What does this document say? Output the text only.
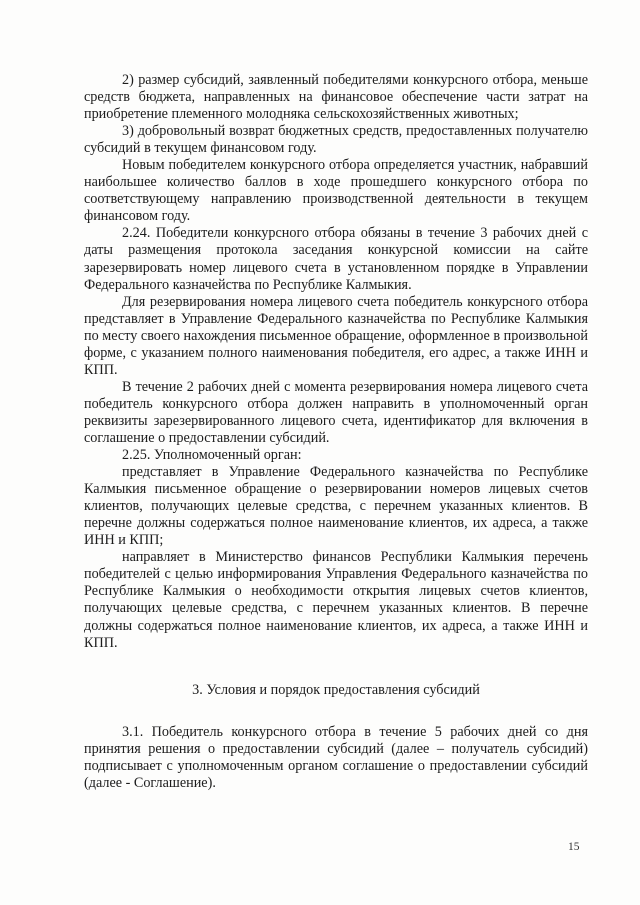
2) размер субсидий, заявленный победителями конкурсного отбора, меньше средств бюджета, направленных на финансовое обеспечение части затрат на приобретение племенного молодняка сельскохозяйственных животных;

3) добровольный возврат бюджетных средств, предоставленных получателю субсидий в текущем финансовом году.

Новым победителем конкурсного отбора определяется участник, набравший наибольшее количество баллов в ходе прошедшего конкурсного отбора по соответствующему направлению производственной деятельности в текущем финансовом году.

2.24. Победители конкурсного отбора обязаны в течение 3 рабочих дней с даты размещения протокола заседания конкурсной комиссии на сайте зарезервировать номер лицевого счета в установленном порядке в Управлении Федерального казначейства по Республике Калмыкия.

Для резервирования номера лицевого счета победитель конкурсного отбора представляет в Управление Федерального казначейства по Республике Калмыкия по месту своего нахождения письменное обращение, оформленное в произвольной форме, с указанием полного наименования победителя, его адрес, а также ИНН и КПП.

В течение 2 рабочих дней с момента резервирования номера лицевого счета победитель конкурсного отбора должен направить в уполномоченный орган реквизиты зарезервированного лицевого счета, идентификатор для включения в соглашение о предоставлении субсидий.

2.25. Уполномоченный орган:

представляет в Управление Федерального казначейства по Республике Калмыкия письменное обращение о резервировании номеров лицевых счетов клиентов, получающих целевые средства, с перечнем указанных клиентов. В перечне должны содержаться полное наименование клиентов, их адреса, а также ИНН и КПП;

направляет в Министерство финансов Республики Калмыкия перечень победителей с целью информирования Управления Федерального казначейства по Республике Калмыкия о необходимости открытия лицевых счетов клиентов, получающих целевые средства, с перечнем указанных клиентов. В перечне должны содержаться полное наименование клиентов, их адреса, а также ИНН и КПП.

3. Условия и порядок предоставления субсидий

3.1. Победитель конкурсного отбора в течение 5 рабочих дней со дня принятия решения о предоставлении субсидий (далее – получатель субсидий) подписывает с уполномоченным органом соглашение о предоставлении субсидий (далее - Соглашение).

15
